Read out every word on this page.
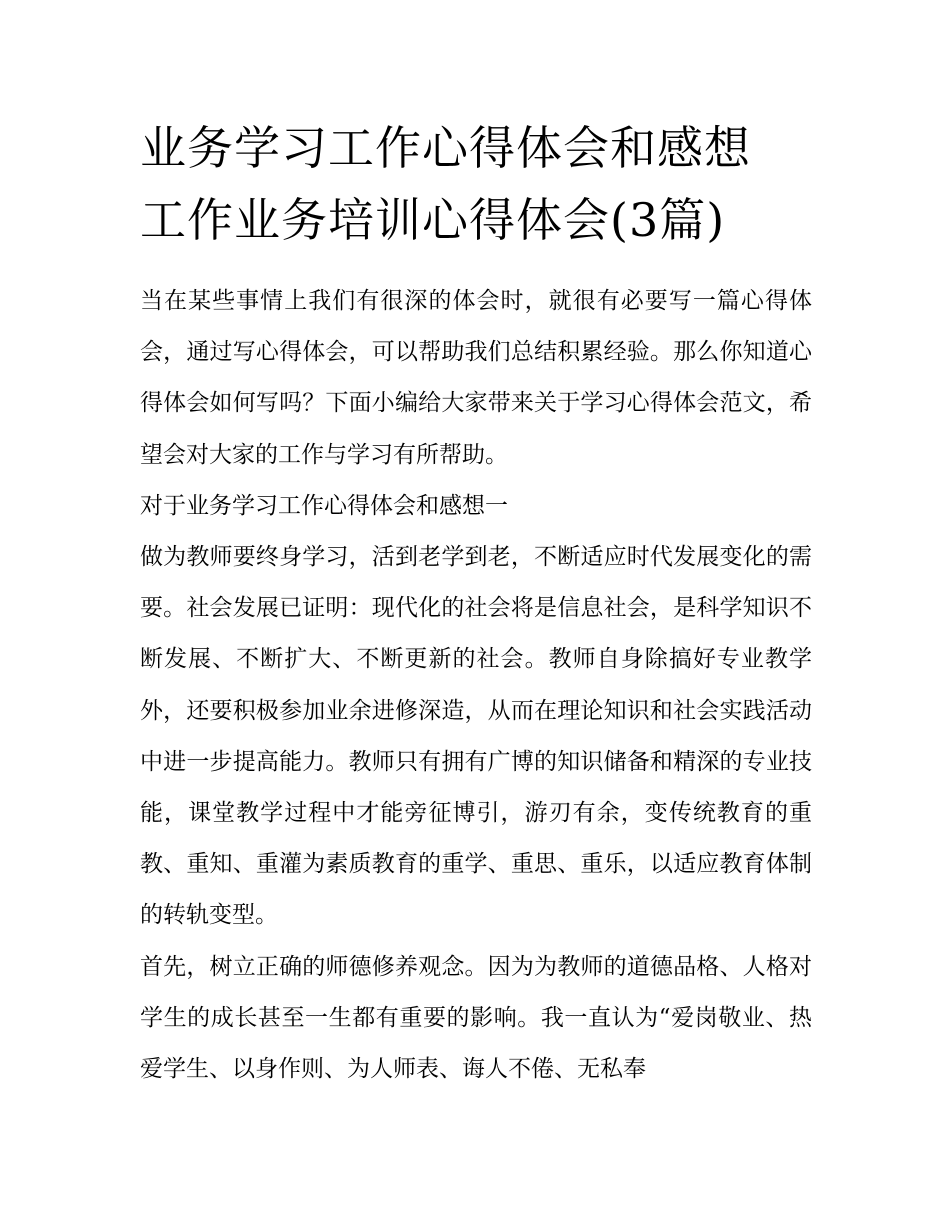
业务学习工作心得体会和感想
工作业务培训心得体会(3篇)

当在某些事情上我们有很深的体会时，就很有必要写一篇心得体会，通过写心得体会，可以帮助我们总结积累经验。那么你知道心得体会如何写吗？下面小编给大家带来关于学习心得体会范文，希望会对大家的工作与学习有所帮助。

对于业务学习工作心得体会和感想一

做为教师要终身学习，活到老学到老，不断适应时代发展变化的需要。社会发展已证明：现代化的社会将是信息社会，是科学知识不断发展、不断扩大、不断更新的社会。教师自身除搞好专业教学外，还要积极参加业余进修深造，从而在理论知识和社会实践活动中进一步提高能力。教师只有拥有广博的知识储备和精深的专业技能，课堂教学过程中才能旁征博引，游刃有余，变传统教育的重教、重知、重灌为素质教育的重学、重思、重乐，以适应教育体制的转轨变型。

首先，树立正确的师德修养观念。因为为教师的道德品格、人格对学生的成长甚至一生都有重要的影响。我一直认为“爱岗敬业、热爱学生、以身作则、为人师表、诲人不倦、无私奉
